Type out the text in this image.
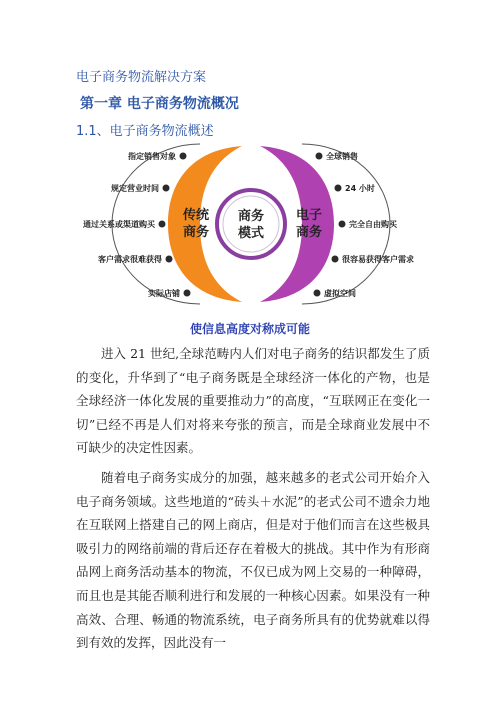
电子商务物流解决方案
第一章 电子商务物流概况
1.1、电子商务物流概述
商务
模式
传统
商务
电子
商务
指定销售对象
规定营业时间
通过关系或渠道购买
客户需求很难获得
实际店铺
全球销售
24 小时
完全自由购买
很容易获得客户需求
虚拟空间
使信息高度对称成可能

进入 21 世纪,全球范畴内人们对电子商务的结识都发生了质的变化，升华到了“电子商务既是全球经济一体化的产物，也是全球经济一体化发展的重要推动力”的高度，“互联网正在变化一切”已经不再是人们对将来夸张的预言，而是全球商业发展中不可缺少的决定性因素。

随着电子商务实成分的加强，越来越多的老式公司开始介入电子商务领域。这些地道的“砖头＋水泥”的老式公司不遗余力地在互联网上搭建自己的网上商店，但是对于他们而言在这些极具吸引力的网络前端的背后还存在着极大的挑战。其中作为有形商品网上商务活动基本的物流，不仅已成为网上交易的一种障碍，而且也是其能否顺利进行和发展的一种核心因素。如果没有一种高效、合理、畅通的物流系统，电子商务所具有的优势就难以得到有效的发挥，因此没有一
